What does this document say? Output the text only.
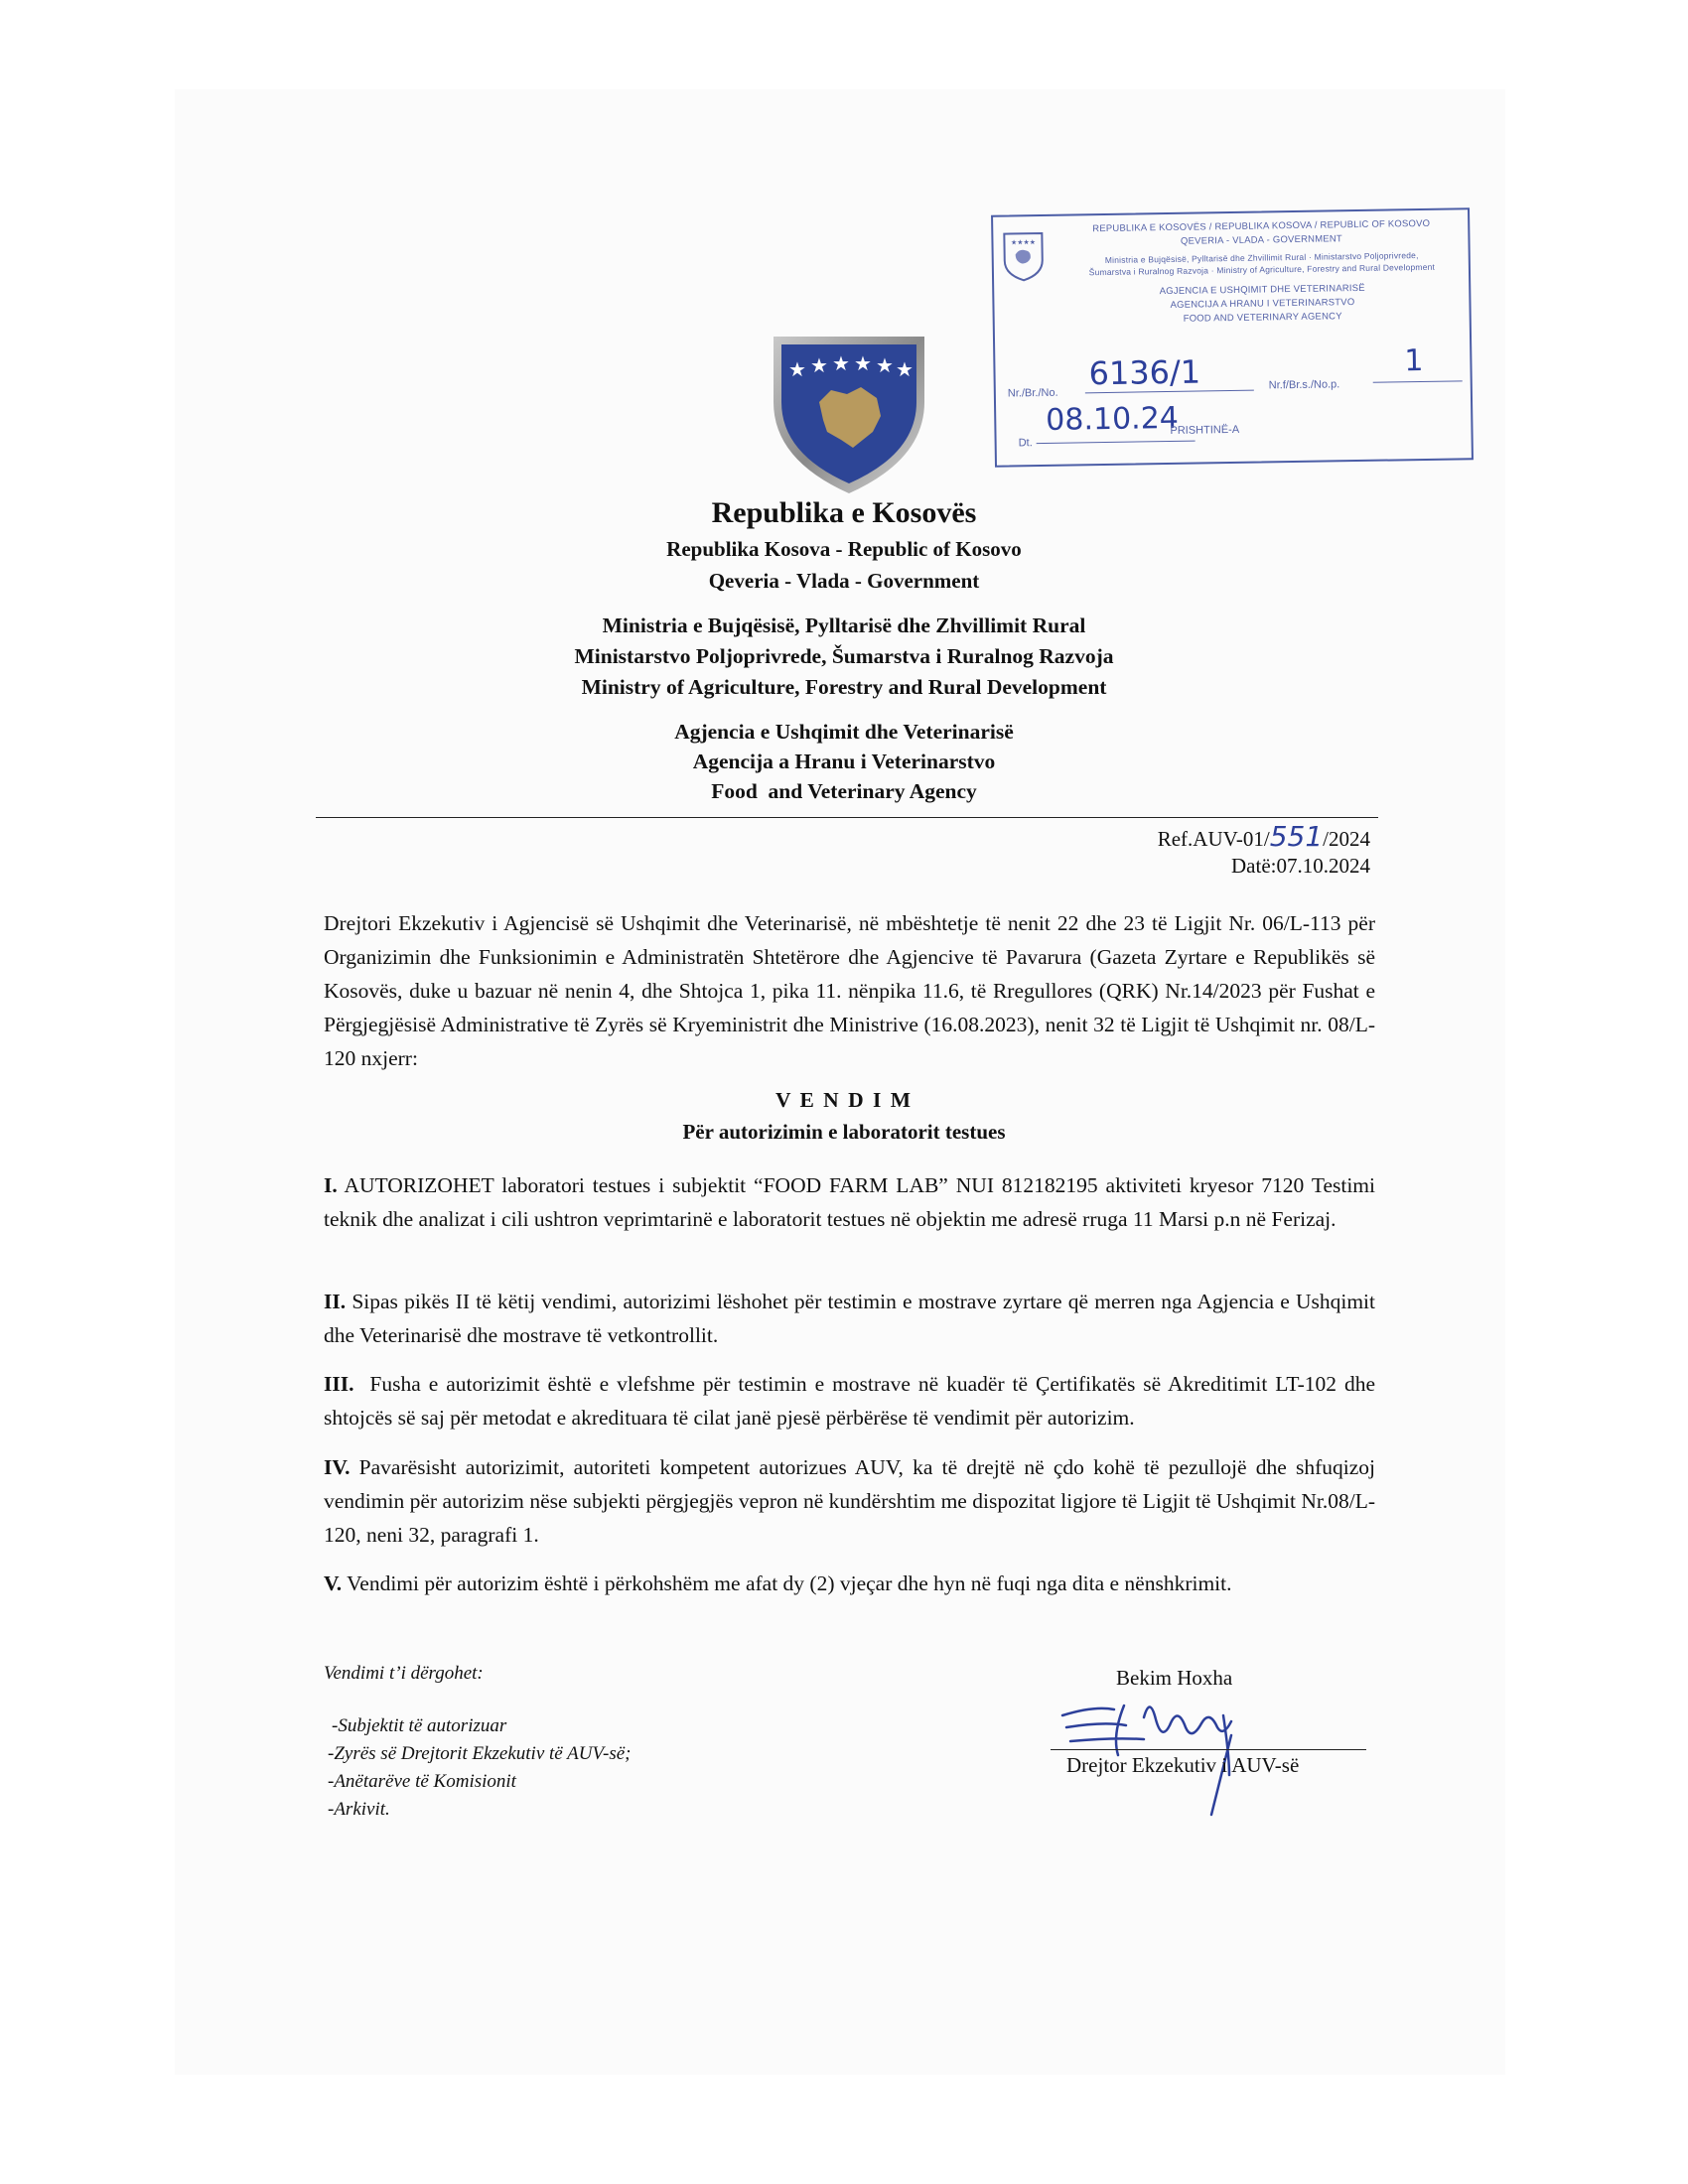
★★★★
REPUBLIKA E KOSOVËS / REPUBLIKA KOSOVA / REPUBLIC OF KOSOVO
QEVERIA - VLADA - GOVERNMENT
Ministria e Bujqësisë, Pylltarisë dhe Zhvillimit Rural · Ministarstvo Poljoprivrede,
Šumarstva i Ruralnog Razvoja · Ministry of Agriculture, Forestry and Rural Development
AGJENCIA E USHQIMIT DHE VETERINARISË
AGENCIJA A HRANU I VETERINARSTVO
FOOD AND VETERINARY AGENCY
Nr./Br./No.
6136/1	Nr.f/Br.s./No.p.
1
Dt.
08.10.24
PRISHTINË-A
★ ★ ★ ★ ★ ★
Republika e Kosovës
Republika Kosova - Republic of Kosovo
Qeveria - Vlada - Government
Ministria e Bujqësisë, Pylltarisë dhe Zhvillimit Rural
Ministarstvo Poljoprivrede, Šumarstva i Ruralnog Razvoja
Ministry of Agriculture, Forestry and Rural Development
Agjencia e Ushqimit dhe Veterinarisë
Agencija a Hranu i Veterinarstvo
Food  and Veterinary Agency
Ref.AUV-01/551/2024
Datë:07.10.2024
Drejtori Ekzekutiv i Agjencisë së Ushqimit dhe Veterinarisë, në mbështetje të nenit 22 dhe 23 të Ligjit Nr. 06/L-113 për Organizimin dhe Funksionimin e Administratën Shtetërore dhe Agjencive të Pavarura (Gazeta Zyrtare e Republikës së Kosovës, duke u bazuar në nenin 4, dhe Shtojca 1, pika 11. nënpika 11.6, të Rregullores (QRK) Nr.14/2023 për Fushat e Përgjegjësisë Administrative të Zyrës së Kryeministrit dhe Ministrive (16.08.2023), nenit 32 të Ligjit të Ushqimit nr. 08/L-120 nxjerr:
V E N D I M
Për autorizimin e laboratorit testues
I. AUTORIZOHET laboratori testues i subjektit “FOOD FARM LAB” NUI 812182195 aktiviteti kryesor 7120 Testimi teknik dhe analizat i cili ushtron veprimtarinë e laboratorit testues në objektin me adresë rruga 11 Marsi p.n në Ferizaj.
II. Sipas pikës II të këtij vendimi, autorizimi lëshohet për testimin e mostrave zyrtare që merren nga Agjencia e Ushqimit dhe Veterinarisë dhe mostrave të vetkontrollit.
III.  Fusha e autorizimit është e vlefshme për testimin e mostrave në kuadër të Çertifikatës së Akreditimit LT-102 dhe shtojcës së saj për metodat e akredituara të cilat janë pjesë përbërëse të vendimit për autorizim.
IV. Pavarësisht autorizimit, autoriteti kompetent autorizues AUV, ka të drejtë në çdo kohë të pezullojë dhe shfuqizoj vendimin për autorizim nëse subjekti përgjegjës vepron në kundërshtim me dispozitat ligjore të Ligjit të Ushqimit Nr.08/L-120, neni 32, paragrafi 1.
V. Vendimi për autorizim është i përkohshëm me afat dy (2) vjeçar dhe hyn në fuqi nga dita e nënshkrimit.
Vendimi t’i dërgohet:
-Subjektit të autorizuar
-Zyrës së Drejtorit Ekzekutiv të AUV-së;
-Anëtarëve të Komisionit
-Arkivit.
Bekim Hoxha
Drejtor Ekzekutiv i AUV-së
